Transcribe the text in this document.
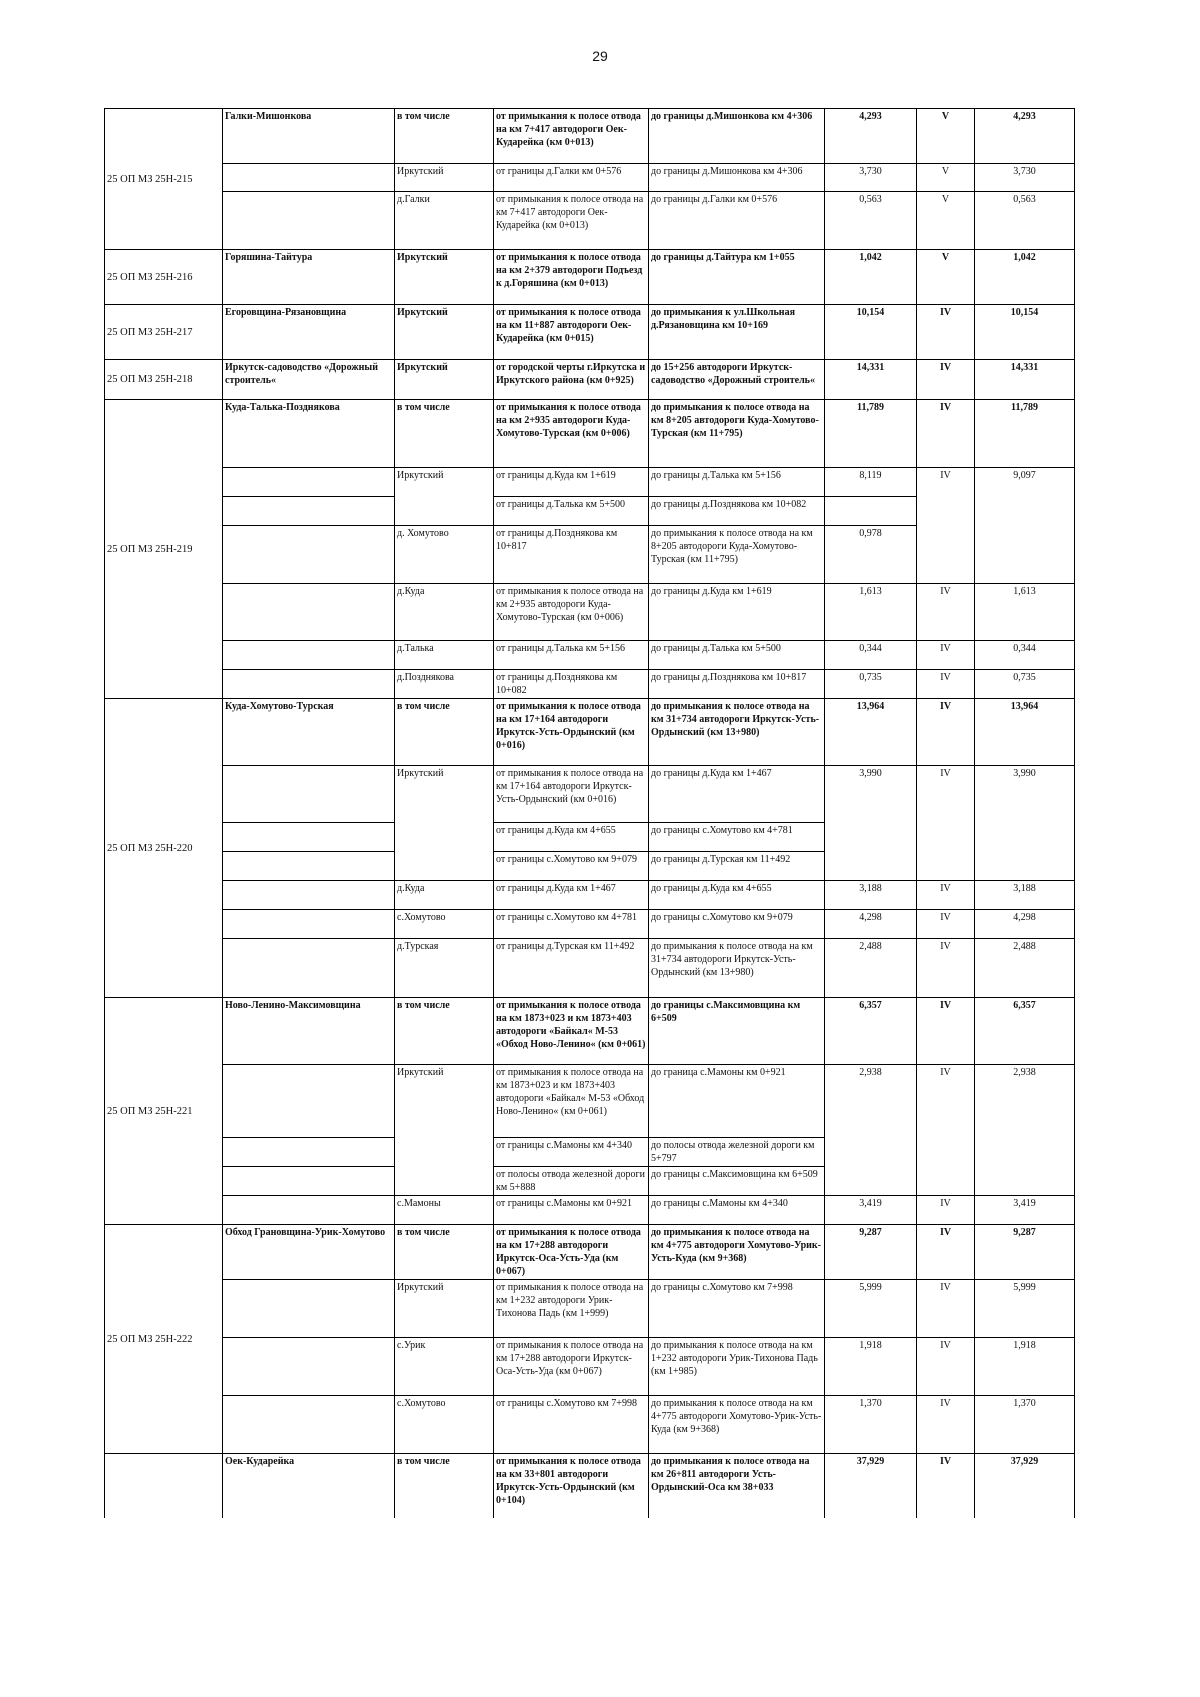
29
25 ОП МЗ 25Н-215	Галки-Мишонкова	в том числе	от примыкания к полосе отвода на км 7+417 автодороги Оек-Кударейка (км 0+013)	до границы д.Мишонкова км 4+306	4,293	V	4,293
		Иркутский	от границы д.Галки км 0+576	до границы д.Мишонкова км 4+306	3,730	V	3,730
		д.Галки	от примыкания к полосе отвода на км 7+417 автодороги Оек-Кударейка (км 0+013)	до границы д.Галки км 0+576	0,563	V	0,563
25 ОП МЗ 25Н-216	Горяшина-Тайтура	Иркутский	от примыкания к полосе отвода на км 2+379 автодороги Подъезд к д.Горяшина (км 0+013)	до границы д.Тайтура км 1+055	1,042	V	1,042
25 ОП МЗ 25Н-217	Егоровщина-Рязановщина	Иркутский	от примыкания к полосе отвода на км 11+887 автодороги Оек-Кударейка (км 0+015)	до примыкания к ул.Школьная д.Рязановщина км 10+169	10,154	IV	10,154
25 ОП МЗ 25Н-218	Иркутск-садоводство «Дорожный строитель«	Иркутский	от городской черты г.Иркутска и Иркутского района (км 0+925)	до 15+256 автодороги Иркутск-садоводство «Дорожный строитель«	14,331	IV	14,331
25 ОП МЗ 25Н-219	Куда-Талька-Позднякова	в том числе	от примыкания к полосе отвода на км 2+935 автодороги Куда-Хомутово-Турская (км 0+006)	до примыкания к полосе отвода на км 8+205 автодороги Куда-Хомутово-Турская (км 11+795)	11,789	IV	11,789
		Иркутский	от границы д.Куда км 1+619	до границы д.Талька км 5+156	8,119	IV	9,097
			от границы д.Талька км 5+500	до границы д.Позднякова км 10+082			
		д. Хомутово	от границы д.Позднякова км 10+817	до примыкания к полосе отвода на км 8+205 автодороги Куда-Хомутово-Турская (км 11+795)	0,978		
		д.Куда	от примыкания к полосе отвода на км 2+935 автодороги Куда-Хомутово-Турская (км 0+006)	до границы д.Куда км 1+619	1,613	IV	1,613
		д.Талька	от границы д.Талька км 5+156	до границы д.Талька км 5+500	0,344	IV	0,344
		д.Позднякова	от границы д.Позднякова км 10+082	до границы д.Позднякова км 10+817	0,735	IV	0,735
25 ОП МЗ 25Н-220	Куда-Хомутово-Турская	в том числе	от примыкания к полосе отвода на км 17+164 автодороги Иркутск-Усть-Ордынский (км 0+016)	до примыкания к полосе отвода на км 31+734 автодороги Иркутск-Усть-Ордынский (км 13+980)	13,964	IV	13,964
		Иркутский	от примыкания к полосе отвода на км 17+164 автодороги Иркутск-Усть-Ордынский (км 0+016)	до границы д.Куда км 1+467	3,990	IV	3,990
			от границы д.Куда км 4+655	до границы с.Хомутово км 4+781			
			от границы с.Хомутово км 9+079	до границы д.Турская км 11+492			
		д.Куда	от границы д.Куда км 1+467	до границы д.Куда км 4+655	3,188	IV	3,188
		с.Хомутово	от границы с.Хомутово км 4+781	до границы с.Хомутово км 9+079	4,298	IV	4,298
		д.Турская	от границы д.Турская км 11+492	до примыкания к полосе отвода на км 31+734 автодороги Иркутск-Усть-Ордынский (км 13+980)	2,488	IV	2,488
25 ОП МЗ 25Н-221	Ново-Ленино-Максимовщина	в том числе	от примыкания к полосе отвода на км 1873+023 и км 1873+403 автодороги «Байкал« М-53 «Обход Ново-Ленино« (км 0+061)	до границы с.Максимовщина км 6+509	6,357	IV	6,357
		Иркутский	от примыкания к полосе отвода на км 1873+023 и км 1873+403 автодороги «Байкал« М-53 «Обход Ново-Ленино« (км 0+061)	до граница с.Мамоны км 0+921	2,938	IV	2,938
			от границы с.Мамоны км 4+340	до полосы отвода железной дороги км 5+797			
			от полосы отвода железной дороги км 5+888	до границы с.Максимовщина км 6+509			
		с.Мамоны	от границы с.Мамоны км 0+921	до границы с.Мамоны км 4+340	3,419	IV	3,419
25 ОП МЗ 25Н-222	Обход Грановщина-Урик-Хомутово	в том числе	от примыкания к полосе отвода на км 17+288 автодороги Иркутск-Оса-Усть-Уда (км 0+067)	до примыкания к полосе отвода на км 4+775 автодороги Хомутово-Урик-Усть-Куда (км 9+368)	9,287	IV	9,287
		Иркутский	от примыкания к полосе отвода на км 1+232 автодороги Урик-Тихонова Падь (км 1+999)	до границы с.Хомутово км 7+998	5,999	IV	5,999
		с.Урик	от примыкания к полосе отвода на км 17+288 автодороги Иркутск-Оса-Усть-Уда (км 0+067)	до примыкания к полосе отвода на км 1+232 автодороги Урик-Тихонова Падь (км 1+985)	1,918	IV	1,918
		с.Хомутово	от границы с.Хомутово км 7+998	до примыкания к полосе отвода на км 4+775 автодороги Хомутово-Урик-Усть-Куда (км 9+368)	1,370	IV	1,370
	Оек-Кударейка	в том числе	от примыкания к полосе отвода на км 33+801 автодороги Иркутск-Усть-Ордынский (км 0+104)	до примыкания к полосе отвода на км 26+811 автодороги Усть-Ордынский-Оса км 38+033	37,929	IV	37,929
